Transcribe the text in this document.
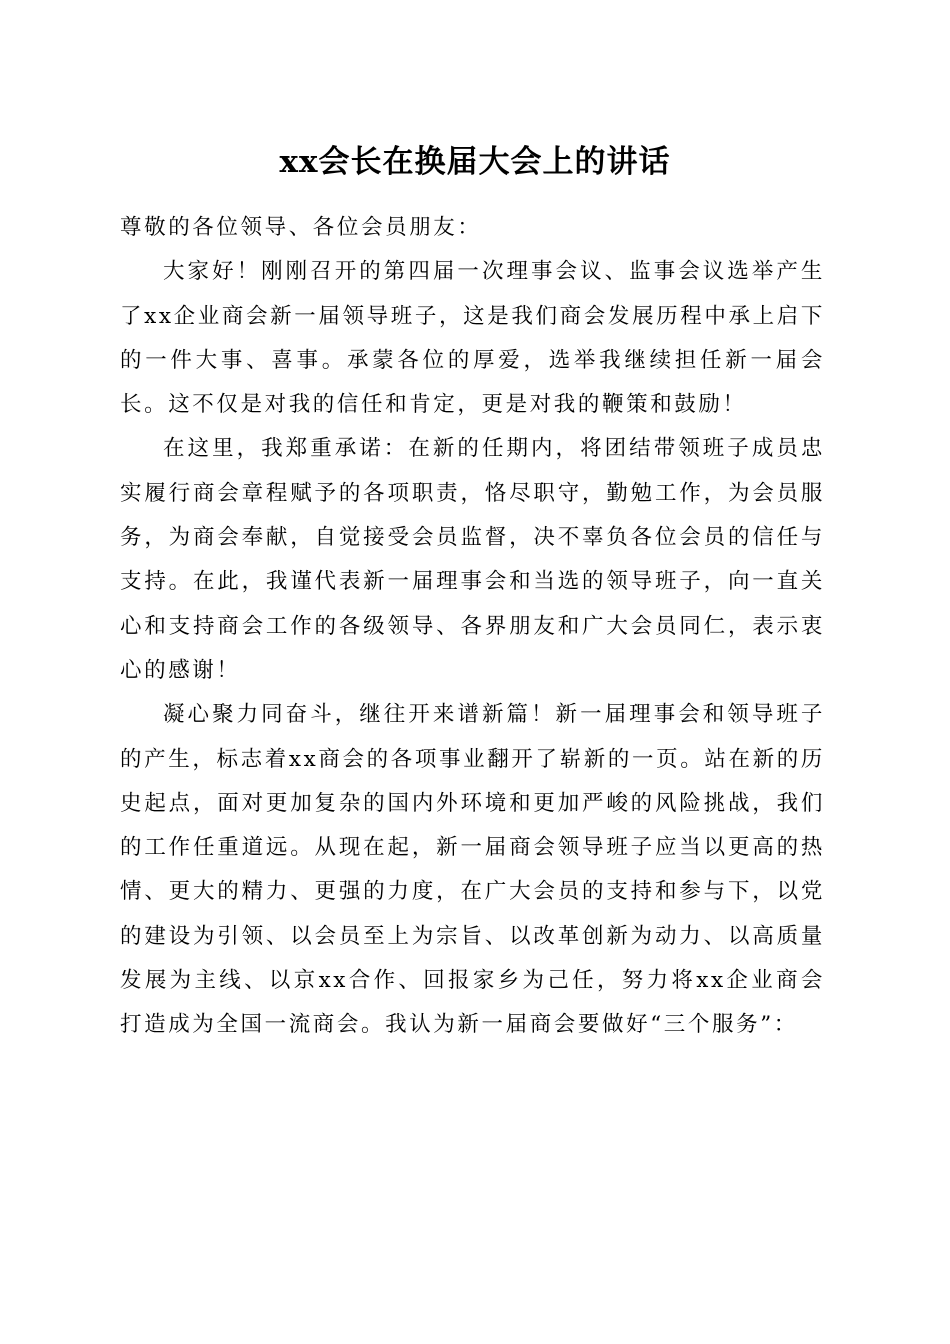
xx会长在换届大会上的讲话

尊敬的各位领导、各位会员朋友：

大家好！刚刚召开的第四届一次理事会议、监事会议选举产生了xx企业商会新一届领导班子，这是我们商会发展历程中承上启下的一件大事、喜事。承蒙各位的厚爱，选举我继续担任新一届会长。这不仅是对我的信任和肯定，更是对我的鞭策和鼓励！

在这里，我郑重承诺：在新的任期内，将团结带领班子成员忠实履行商会章程赋予的各项职责，恪尽职守，勤勉工作，为会员服务，为商会奉献，自觉接受会员监督，决不辜负各位会员的信任与支持。在此，我谨代表新一届理事会和当选的领导班子，向一直关心和支持商会工作的各级领导、各界朋友和广大会员同仁，表示衷心的感谢！

凝心聚力同奋斗，继往开来谱新篇！新一届理事会和领导班子的产生，标志着xx商会的各项事业翻开了崭新的一页。站在新的历史起点，面对更加复杂的国内外环境和更加严峻的风险挑战，我们的工作任重道远。从现在起，新一届商会领导班子应当以更高的热情、更大的精力、更强的力度，在广大会员的支持和参与下，以党的建设为引领、以会员至上为宗旨、以改革创新为动力、以高质量发展为主线、以京xx合作、回报家乡为己任，努力将xx企业商会打造成为全国一流商会。我认为新一届商会要做好“三个服务”：
